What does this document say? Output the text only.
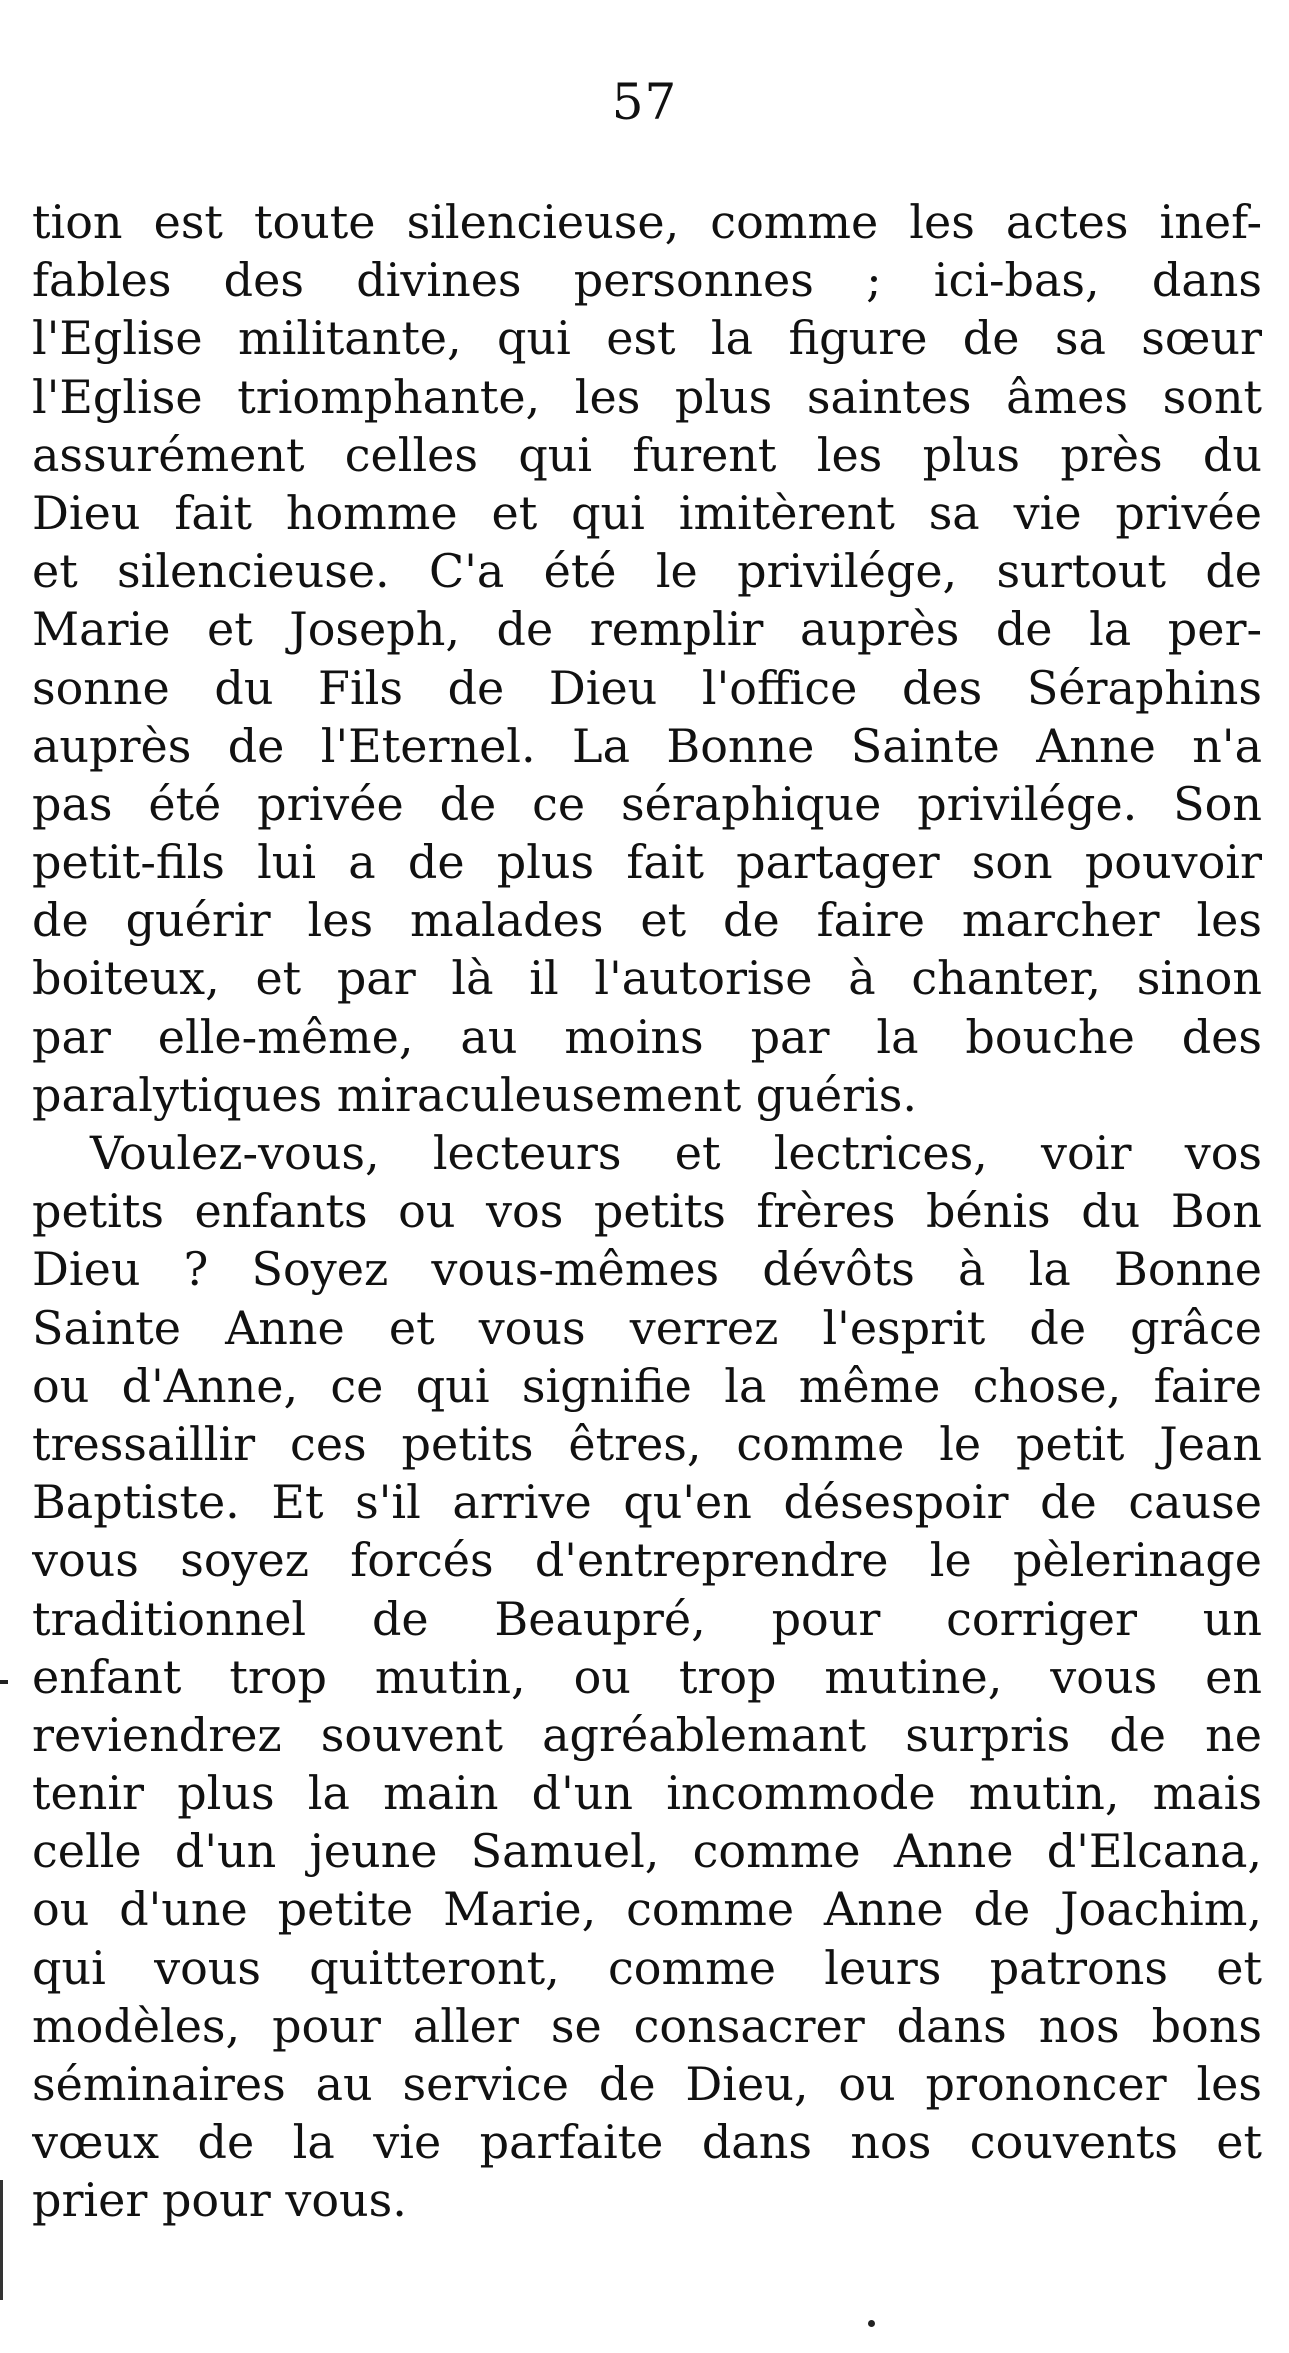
57
tion est toute silencieuse, comme les actes inef-
fables des divines personnes ; ici-bas, dans
l'Eglise militante, qui est la figure de sa sœur
l'Eglise triomphante, les plus saintes âmes sont
assurément celles qui furent les plus près du
Dieu fait homme et qui imitèrent sa vie privée
et silencieuse. C'a été le privilége, surtout de
Marie et Joseph, de remplir auprès de la per-
sonne du Fils de Dieu l'office des Séraphins
auprès de l'Eternel. La Bonne Sainte Anne n'a
pas été privée de ce séraphique privilége. Son
petit-fils lui a de plus fait partager son pouvoir
de guérir les malades et de faire marcher les
boiteux, et par là il l'autorise à chanter, sinon
par elle-même, au moins par la bouche des
paralytiques miraculeusement guéris.
Voulez-vous, lecteurs et lectrices, voir vos
petits enfants ou vos petits frères bénis du Bon
Dieu ? Soyez vous-mêmes dévôts à la Bonne
Sainte Anne et vous verrez l'esprit de grâce
ou d'Anne, ce qui signifie la même chose, faire
tressaillir ces petits êtres, comme le petit Jean
Baptiste. Et s'il arrive qu'en désespoir de cause
vous soyez forcés d'entreprendre le pèlerinage
traditionnel de Beaupré, pour corriger un
enfant trop mutin, ou trop mutine, vous en
reviendrez souvent agréablemant surpris de ne
tenir plus la main d'un incommode mutin, mais
celle d'un jeune Samuel, comme Anne d'Elcana,
ou d'une petite Marie, comme Anne de Joachim,
qui vous quitteront, comme leurs patrons et
modèles, pour aller se consacrer dans nos bons
séminaires au service de Dieu, ou prononcer les
vœux de la vie parfaite dans nos couvents et
prier pour vous.
